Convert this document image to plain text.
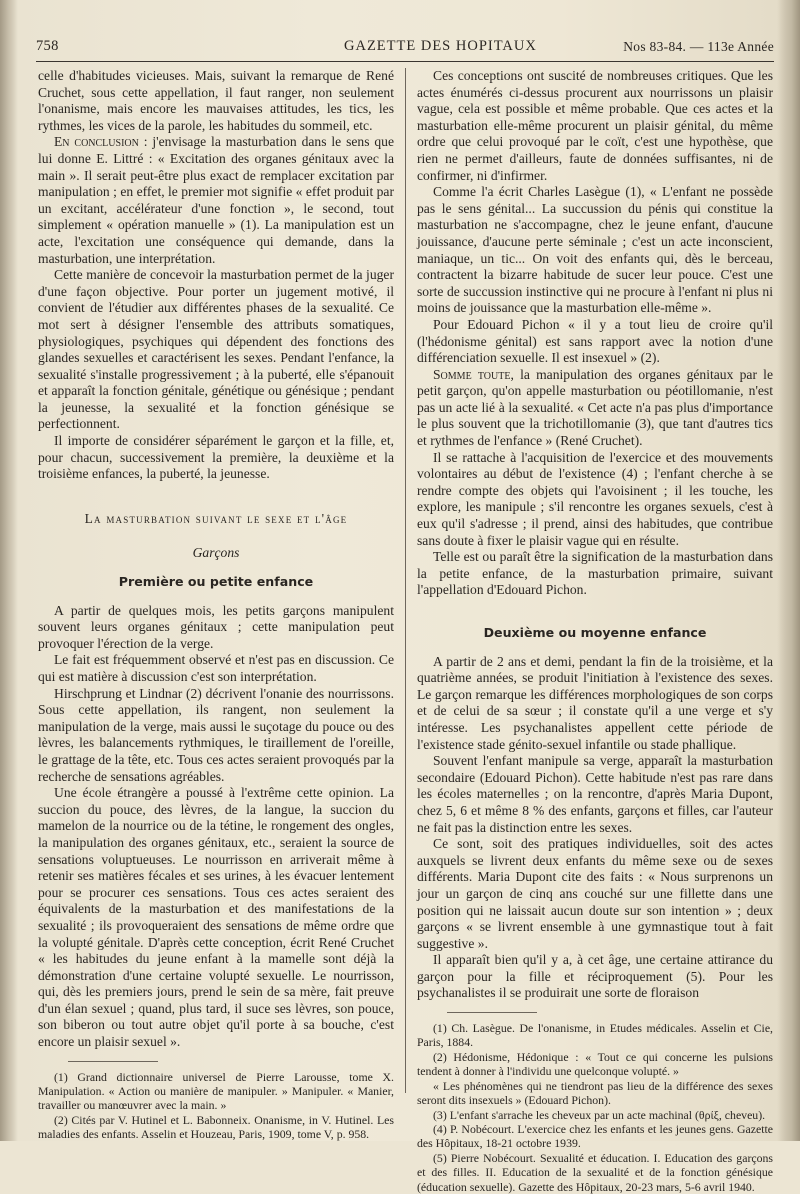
758	GAZETTE DES HOPITAUX	Nos 83-84. — 113e Année

celle d'habitudes vicieuses. Mais, suivant la remarque de René Cruchet, sous cette appellation, il faut ranger, non seulement l'onanisme, mais encore les mauvaises attitudes, les tics, les rythmes, les vices de la parole, les habitudes du sommeil, etc.

En conclusion : j'envisage la masturbation dans le sens que lui donne E. Littré : « Excitation des organes génitaux avec la main ». Il serait peut-être plus exact de remplacer excitation par manipulation ; en effet, le premier mot signifie « effet produit par un excitant, accélérateur d'une fonction », le second, tout simplement « opération manuelle » (1). La manipulation est un acte, l'excitation une conséquence qui demande, dans la masturbation, une interprétation.

Cette manière de concevoir la masturbation permet de la juger d'une façon objective. Pour porter un jugement motivé, il convient de l'étudier aux différentes phases de la sexualité. Ce mot sert à désigner l'ensemble des attributs somatiques, physiologiques, psychiques qui dépendent des fonctions des glandes sexuelles et caractérisent les sexes. Pendant l'enfance, la sexualité s'installe progressivement ; à la puberté, elle s'épanouit et apparaît la fonction génitale, génétique ou génésique ; pendant la jeunesse, la sexualité et la fonction génésique se perfectionnent.

Il importe de considérer séparément le garçon et la fille, et, pour chacun, successivement la première, la deuxième et la troisième enfances, la puberté, la jeunesse.

La masturbation suivant le sexe et l'âge
Garçons
Première ou petite enfance

A partir de quelques mois, les petits garçons manipulent souvent leurs organes génitaux ; cette manipulation peut provoquer l'érection de la verge.

Le fait est fréquemment observé et n'est pas en discussion. Ce qui est matière à discussion c'est son interprétation.

Hirschprung et Lindnar (2) décrivent l'onanie des nourrissons. Sous cette appellation, ils rangent, non seulement la manipulation de la verge, mais aussi le suçotage du pouce ou des lèvres, les balancements rythmiques, le tiraillement de l'oreille, le grattage de la tête, etc. Tous ces actes seraient provoqués par la recherche de sensations agréables.

Une école étrangère a poussé à l'extrême cette opinion. La succion du pouce, des lèvres, de la langue, la succion du mamelon de la nourrice ou de la tétine, le rongement des ongles, la manipulation des organes génitaux, etc., seraient la source de sensations voluptueuses. Le nourrisson en arriverait même à retenir ses matières fécales et ses urines, à les évacuer lentement pour se procurer ces sensations. Tous ces actes seraient des équivalents de la masturbation et des manifestations de la sexualité ; ils provoqueraient des sensations de même ordre que la volupté génitale. D'après cette conception, écrit René Cruchet « les habitudes du jeune enfant à la mamelle sont déjà la démonstration d'une certaine volupté sexuelle. Le nourrisson, qui, dès les premiers jours, prend le sein de sa mère, fait preuve d'un élan sexuel ; quand, plus tard, il suce ses lèvres, son pouce, son biberon ou tout autre objet qu'il porte à sa bouche, c'est encore un plaisir sexuel ».

(1) Grand dictionnaire universel de Pierre Larousse, tome X. Manipulation. « Action ou manière de manipuler. » Manipuler. « Manier, travailler ou manœuvrer avec la main. »

(2) Cités par V. Hutinel et L. Babonneix. Onanisme, in V. Hutinel. Les maladies des enfants. Asselin et Houzeau, Paris, 1909, tome V, p. 958.

Ces conceptions ont suscité de nombreuses critiques. Que les actes énumérés ci-dessus procurent aux nourrissons un plaisir vague, cela est possible et même probable. Que ces actes et la masturbation elle-même procurent un plaisir génital, du même ordre que celui provoqué par le coït, c'est une hypothèse, que rien ne permet d'ailleurs, faute de données suffisantes, ni de confirmer, ni d'infirmer.

Comme l'a écrit Charles Lasègue (1), « L'enfant ne possède pas le sens génital... La succussion du pénis qui constitue la masturbation ne s'accompagne, chez le jeune enfant, d'aucune jouissance, d'aucune perte séminale ; c'est un acte inconscient, maniaque, un tic... On voit des enfants qui, dès le berceau, contractent la bizarre habitude de sucer leur pouce. C'est une sorte de succussion instinctive qui ne procure à l'enfant ni plus ni moins de jouissance que la masturbation elle-même ».

Pour Edouard Pichon « il y a tout lieu de croire qu'il (l'hédonisme génital) est sans rapport avec la notion d'une différenciation sexuelle. Il est insexuel » (2).

Somme toute, la manipulation des organes génitaux par le petit garçon, qu'on appelle masturbation ou péotillomanie, n'est pas un acte lié à la sexualité. « Cet acte n'a pas plus d'importance le plus souvent que la trichotillomanie (3), que tant d'autres tics et rythmes de l'enfance » (René Cruchet).

Il se rattache à l'acquisition de l'exercice et des mouvements volontaires au début de l'existence (4) ; l'enfant cherche à se rendre compte des objets qui l'avoisinent ; il les touche, les explore, les manipule ; s'il rencontre les organes sexuels, c'est à eux qu'il s'adresse ; il prend, ainsi des habitudes, que contribue sans doute à fixer le plaisir vague qui en résulte.

Telle est ou paraît être la signification de la masturbation dans la petite enfance, de la masturbation primaire, suivant l'appellation d'Edouard Pichon.

Deuxième ou moyenne enfance

A partir de 2 ans et demi, pendant la fin de la troisième, et la quatrième années, se produit l'initiation à l'existence des sexes. Le garçon remarque les différences morphologiques de son corps et de celui de sa sœur ; il constate qu'il a une verge et s'y intéresse. Les psychanalistes appellent cette période de l'existence stade génito-sexuel infantile ou stade phallique.

Souvent l'enfant manipule sa verge, apparaît la masturbation secondaire (Edouard Pichon). Cette habitude n'est pas rare dans les écoles maternelles ; on la rencontre, d'après Maria Dupont, chez 5, 6 et même 8 % des enfants, garçons et filles, car l'auteur ne fait pas la distinction entre les sexes.

Ce sont, soit des pratiques individuelles, soit des actes auxquels se livrent deux enfants du même sexe ou de sexes différents. Maria Dupont cite des faits : « Nous surprenons un jour un garçon de cinq ans couché sur une fillette dans une position qui ne laissait aucun doute sur son intention » ; deux garçons « se livrent ensemble à une gymnastique tout à fait suggestive ».

Il apparaît bien qu'il y a, à cet âge, une certaine attirance du garçon pour la fille et réciproquement (5). Pour les psychanalistes il se produirait une sorte de floraison

(1) Ch. Lasègue. De l'onanisme, in Etudes médicales. Asselin et Cie, Paris, 1884.

(2) Hédonisme, Hédonique : « Tout ce qui concerne les pulsions tendent à donner à l'individu une quelconque volupté. »

« Les phénomènes qui ne tiendront pas lieu de la différence des sexes seront dits insexuels » (Edouard Pichon).

(3) L'enfant s'arrache les cheveux par un acte machinal (θρίξ, cheveu).

(4) P. Nobécourt. L'exercice chez les enfants et les jeunes gens. Gazette des Hôpitaux, 18-21 octobre 1939.

(5) Pierre Nobécourt. Sexualité et éducation. I. Education des garçons et des filles. II. Education de la sexualité et de la fonction génésique (éducation sexuelle). Gazette des Hôpitaux, 20-23 mars, 5-6 avril 1940.
